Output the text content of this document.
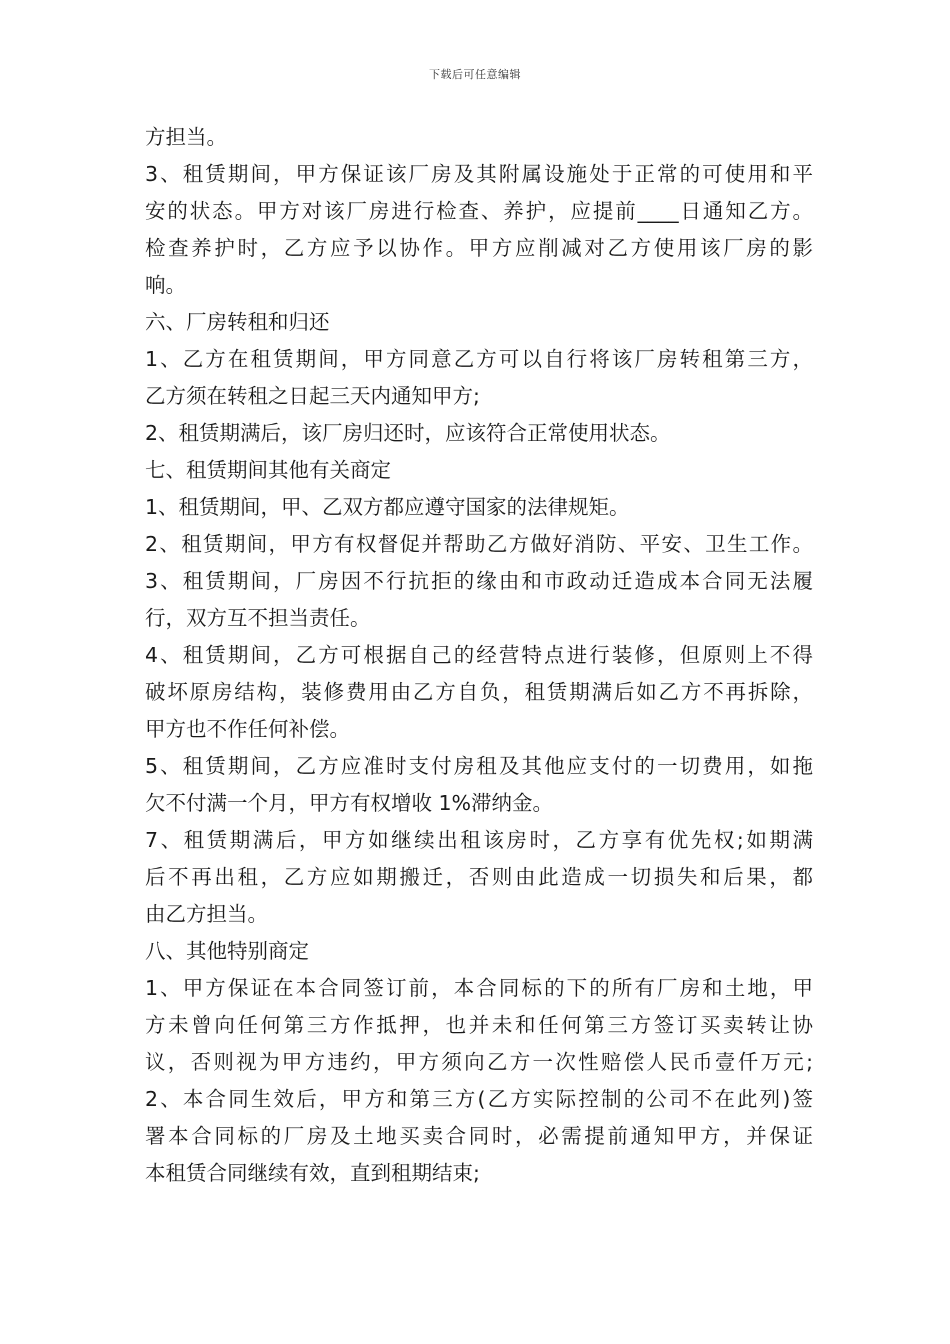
下载后可任意编辑
方担当。
3、租赁期间，甲方保证该厂房及其附属设施处于正常的可使用和平
安的状态。甲方对该厂房进行检查、养护，应提前____日通知乙方。
检查养护时，乙方应予以协作。甲方应削减对乙方使用该厂房的影
响。
六、厂房转租和归还
1、乙方在租赁期间，甲方同意乙方可以自行将该厂房转租第三方，
乙方须在转租之日起三天内通知甲方;
2、租赁期满后，该厂房归还时，应该符合正常使用状态。
七、租赁期间其他有关商定
1、租赁期间，甲、乙双方都应遵守国家的法律规矩。
2、租赁期间，甲方有权督促并帮助乙方做好消防、平安、卫生工作。
3、租赁期间，厂房因不行抗拒的缘由和市政动迁造成本合同无法履
行，双方互不担当责任。
4、租赁期间，乙方可根据自己的经营特点进行装修，但原则上不得
破坏原房结构，装修费用由乙方自负，租赁期满后如乙方不再拆除，
甲方也不作任何补偿。
5、租赁期间，乙方应准时支付房租及其他应支付的一切费用，如拖
欠不付满一个月，甲方有权增收 1%滞纳金。
7、租赁期满后，甲方如继续出租该房时，乙方享有优先权;如期满
后不再出租，乙方应如期搬迁，否则由此造成一切损失和后果，都
由乙方担当。
八、其他特别商定
1、甲方保证在本合同签订前，本合同标的下的所有厂房和土地，甲
方未曾向任何第三方作抵押，也并未和任何第三方签订买卖转让协
议，否则视为甲方违约，甲方须向乙方一次性赔偿人民币壹仟万元;
2、本合同生效后，甲方和第三方(乙方实际控制的公司不在此列)签
署本合同标的厂房及土地买卖合同时，必需提前通知甲方，并保证
本租赁合同继续有效，直到租期结束;
